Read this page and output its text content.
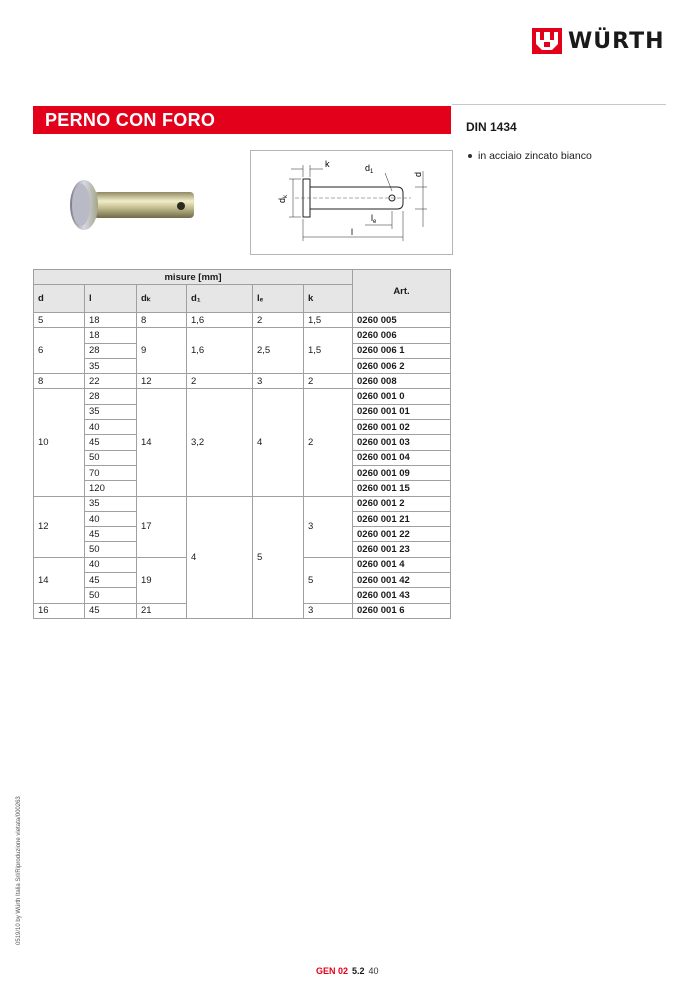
WÜRTH
PERNO CON FORO	DIN 1434
in acciaio zincato bianco
k	$d_1$	d
$d_k$
$l_e$
l
misure [mm]						Art.
d	l	dₖ	d₁	lₑ	k	
5	18	8	1,6	2	1,5	0260 005
6	18	9	1,6	2,5	1,5	0260 006
	28					0260 006 1
	35					0260 006 2
8	22	12	2	3	2	0260 008
10	28	14	3,2	4	2	0260 001 0
	35					0260 001 01
	40					0260 001 02
	45					0260 001 03
	50					0260 001 04
	70					0260 001 09
	120					0260 001 15
12	35	17	4	5	3	0260 001 2
	40					0260 001 21
	45					0260 001 22
	50					0260 001 23
14	40	19			5	0260 001 4
	45					0260 001 42
	50					0260 001 43
16	45	21			3	0260 001 6
0519/10 by Würth Italia Srl/Riproduzione vietata/000263
GEN 02 5.2 40
